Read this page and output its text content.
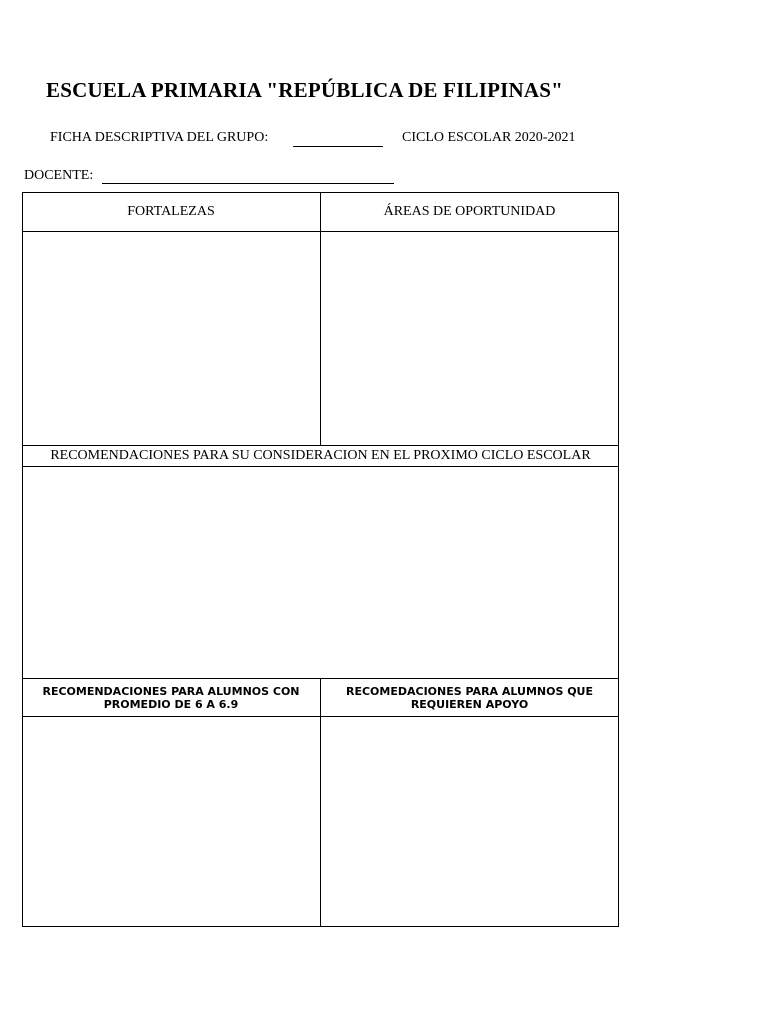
ESCUELA PRIMARIA "REPÚBLICA DE FILIPINAS"
FICHA DESCRIPTIVA DEL GRUPO:	CICLO ESCOLAR 2020-2021
DOCENTE:
FORTALEZAS	ÁREAS DE OPORTUNIDAD
RECOMENDACIONES PARA SU CONSIDERACION EN EL PROXIMO CICLO ESCOLAR
RECOMENDACIONES PARA ALUMNOS CON PROMEDIO DE 6 A 6.9
RECOMEDACIONES PARA ALUMNOS QUE REQUIEREN APOYO
